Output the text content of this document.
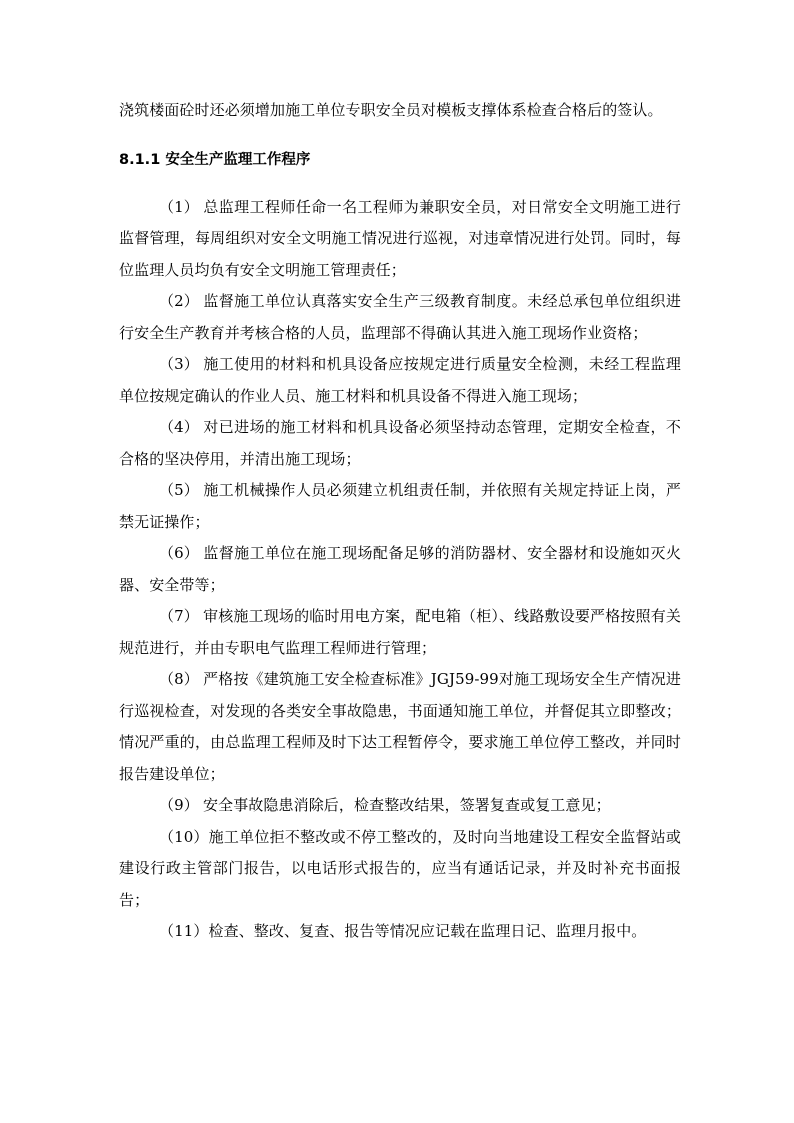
浇筑楼面砼时还必须增加施工单位专职安全员对模板支撑体系检查合格后的签认。

8.1.1 安全生产监理工作程序

（1） 总监理工程师任命一名工程师为兼职安全员，对日常安全文明施工进行监督管理，每周组织对安全文明施工情况进行巡视，对违章情况进行处罚。同时，每位监理人员均负有安全文明施工管理责任；

（2） 监督施工单位认真落实安全生产三级教育制度。未经总承包单位组织进行安全生产教育并考核合格的人员，监理部不得确认其进入施工现场作业资格；

（3） 施工使用的材料和机具设备应按规定进行质量安全检测，未经工程监理单位按规定确认的作业人员、施工材料和机具设备不得进入施工现场；

（4） 对已进场的施工材料和机具设备必须坚持动态管理，定期安全检查，不合格的坚决停用，并清出施工现场；

（5） 施工机械操作人员必须建立机组责任制，并依照有关规定持证上岗，严禁无证操作；

（6） 监督施工单位在施工现场配备足够的消防器材、安全器材和设施如灭火器、安全带等；

（7） 审核施工现场的临时用电方案，配电箱（柜）、线路敷设要严格按照有关规范进行，并由专职电气监理工程师进行管理；

（8） 严格按《建筑施工安全检查标准》JGJ59-99对施工现场安全生产情况进行巡视检查，对发现的各类安全事故隐患，书面通知施工单位，并督促其立即整改；情况严重的，由总监理工程师及时下达工程暂停令，要求施工单位停工整改，并同时报告建设单位；

（9） 安全事故隐患消除后，检查整改结果，签署复查或复工意见；

（10）施工单位拒不整改或不停工整改的，及时向当地建设工程安全监督站或建设行政主管部门报告，以电话形式报告的，应当有通话记录，并及时补充书面报告；

（11）检查、整改、复查、报告等情况应记载在监理日记、监理月报中。
